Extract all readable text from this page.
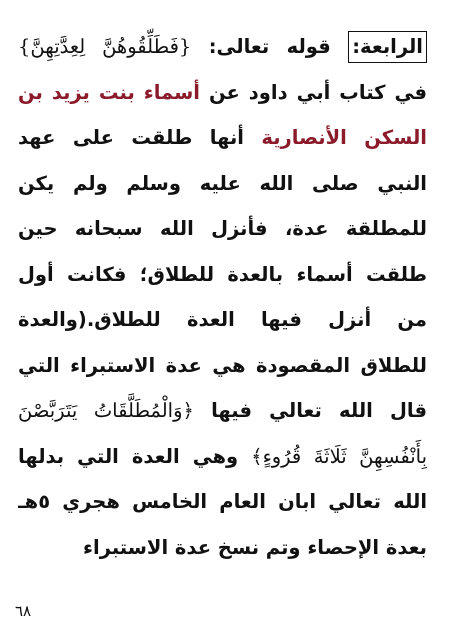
الرابعة: قوله تعالى: {فَطَلِّقُوهُنَّ لِعِدَّتِهِنَّ}
في كتاب أبي داود عن أسماء بنت يزيد بن
السكن الأنصارية أنها طلقت على عهد
النبي صلى الله عليه وسلم ولم يكن
للمطلقة عدة، فأنزل الله سبحانه حين
طلقت أسماء بالعدة للطلاق؛ فكانت أول
من أنزل فيها العدة للطلاق.(والعدة
للطلاق المقصودة هي عدة الاستبراء التي
قال الله تعالي فيها ﴿وَالْمُطَلَّقَاتُ يَتَرَبَّصْنَ
بِأَنْفُسِهِنَّ ثَلَاثَةَ قُرُوءٍ﴾ وهي العدة التي بدلها
الله تعالي ابان العام الخامس هجري ٥هـ
بعدة الإحصاء وتم نسخ عدة الاستبراء
٦٨
